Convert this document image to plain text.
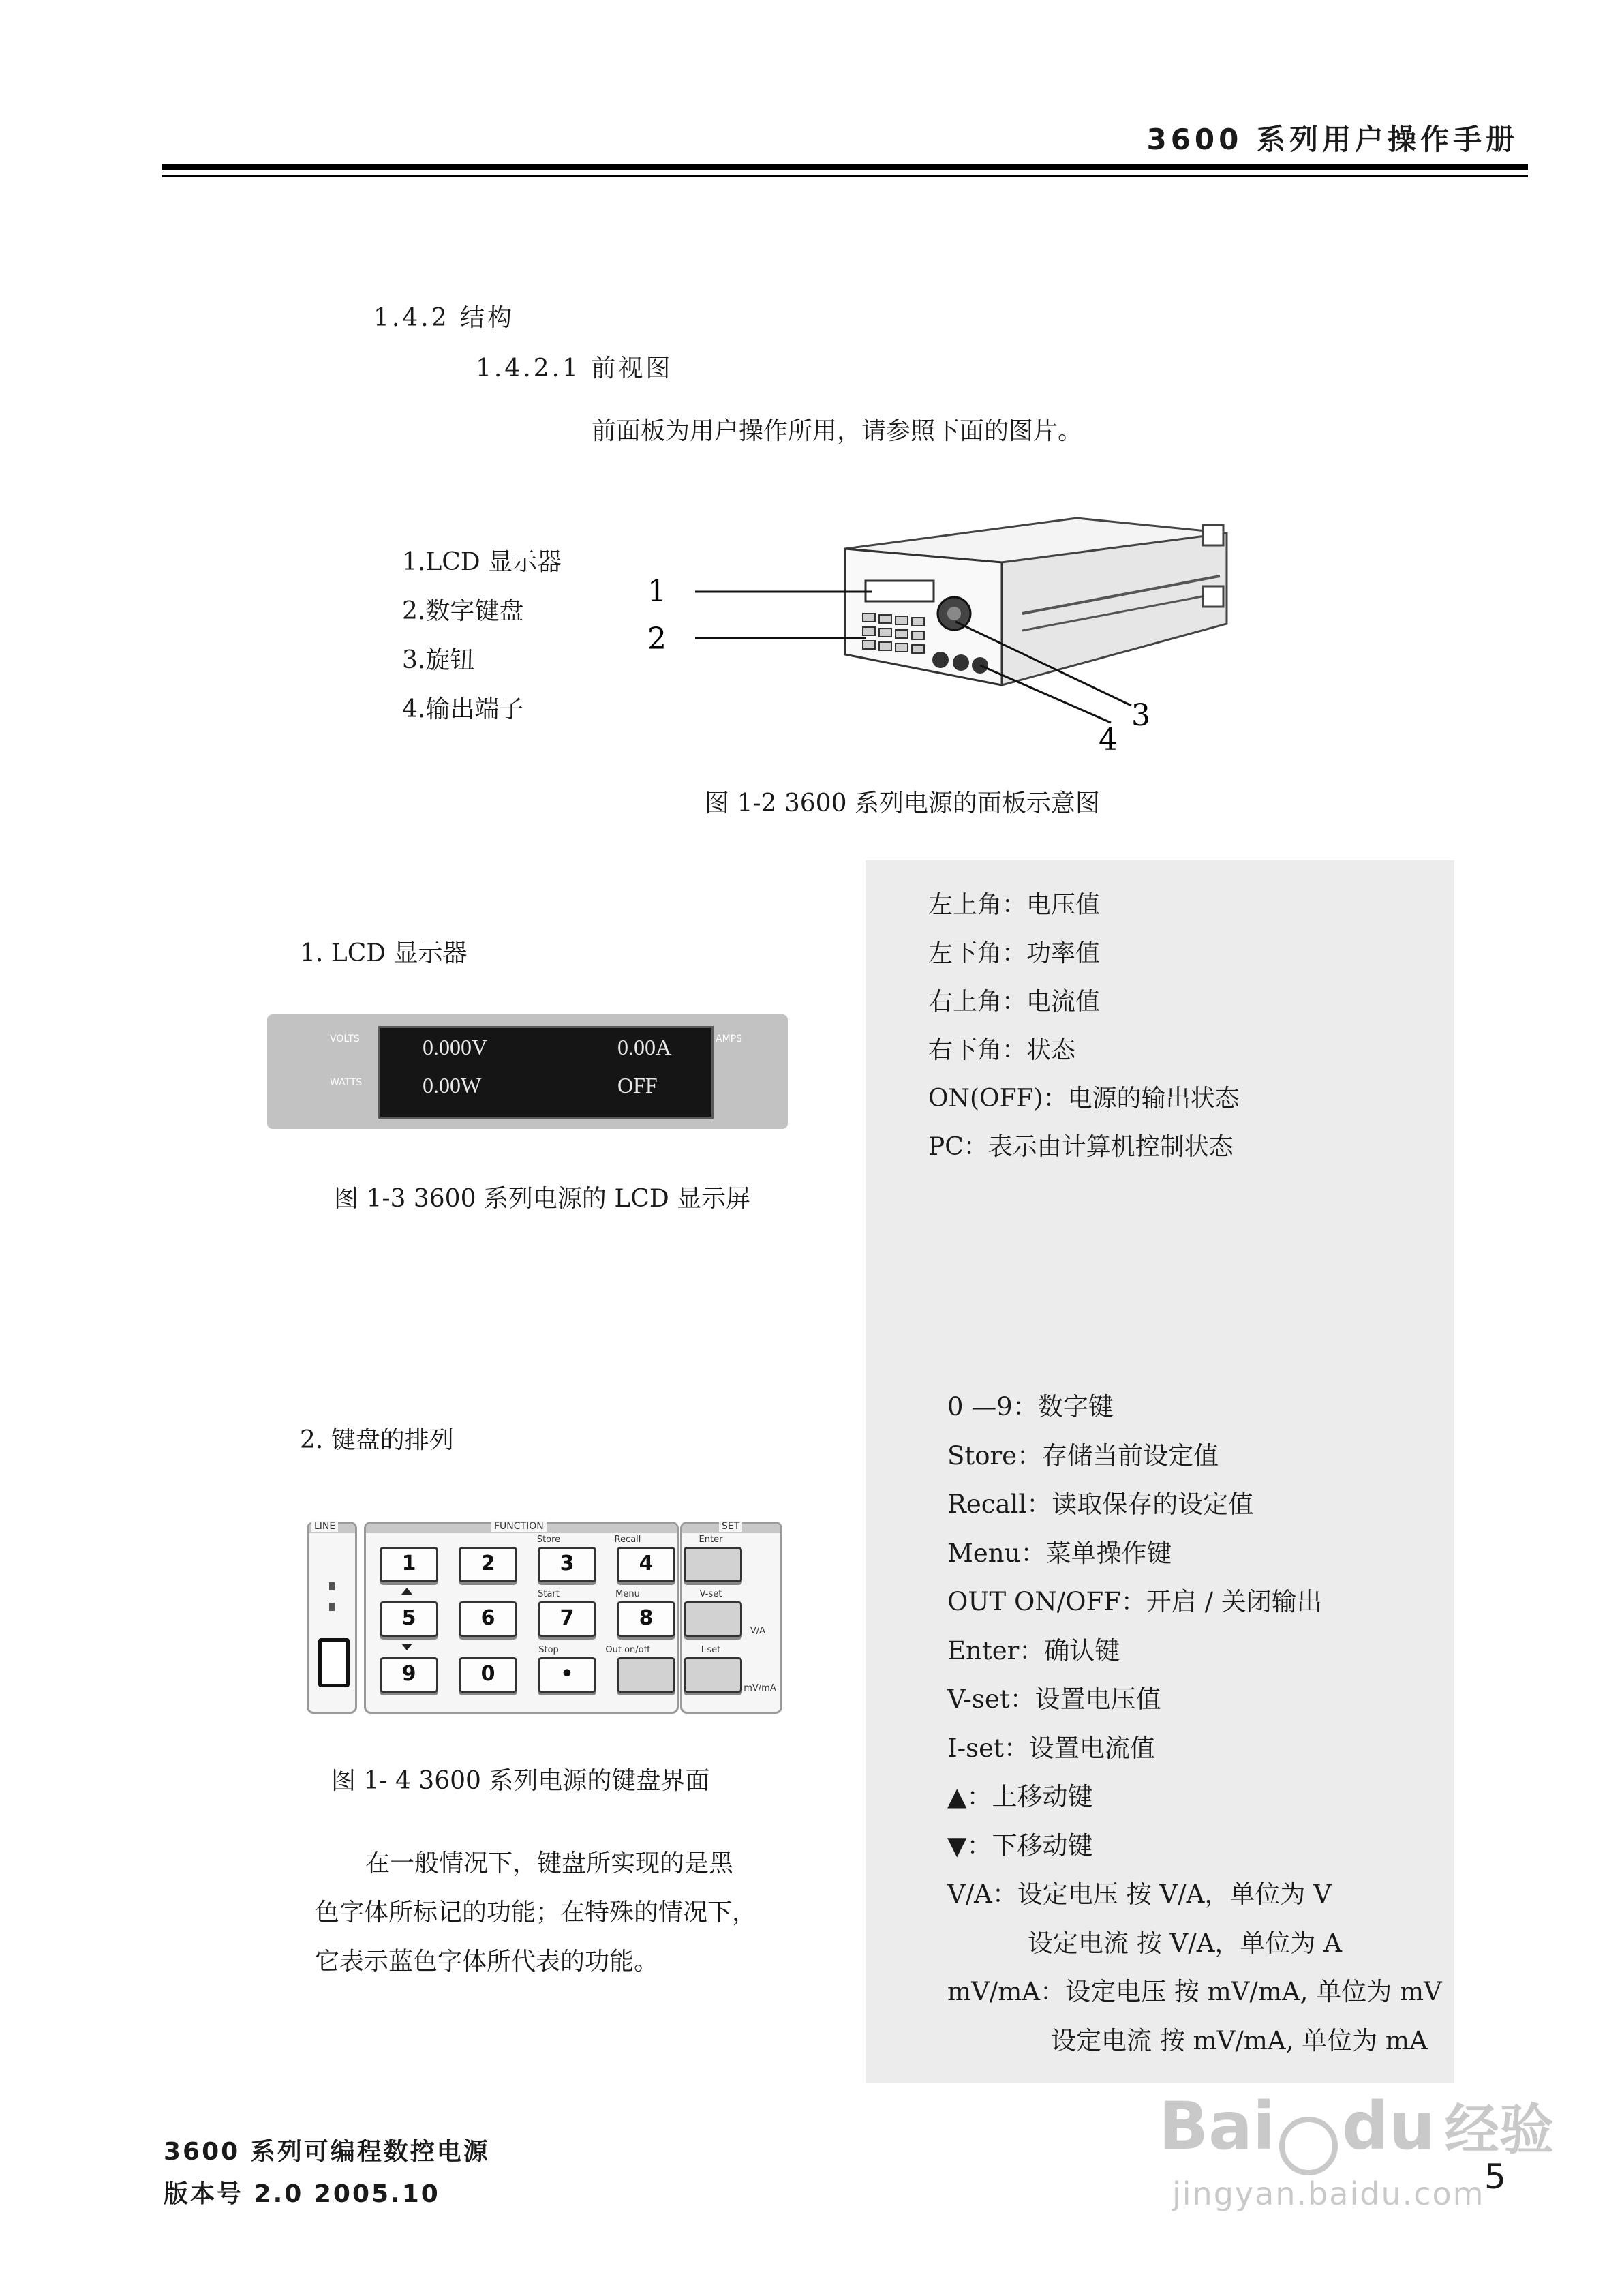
3600 系列用户操作手册
1.4.2 结构
1.4.2.1 前视图
前面板为用户操作所用，请参照下面的图片。
1.LCD 显示器
2.数字键盘
3.旋钮
4.输出端子
1
2
3
4
图 1-2 3600 系列电源的面板示意图
1. LCD 显示器
VOLTS
WATTS
AMPS
0.000V	0.00A
0.00W	OFF
图 1-3 3600 系列电源的 LCD 显示屏
左上角：电压值
左下角：功率值
右上角：电流值
右下角：状态
ON(OFF)：电源的输出状态
PC：表示由计算机控制状态
2. 键盘的排列
LINE	FUNCTION
Store	Recall
1	2	3	4
Start	Menu
5	6	7	8
Stop	Out on/off
9	0	•
SET
Enter
V-set
V/A
I-set
mV/mA
图 1- 4 3600 系列电源的键盘界面
在一般情况下，键盘所实现的是黑
色字体所标记的功能；在特殊的情况下，
它表示蓝色字体所代表的功能。
0 —9：数字键
Store：存储当前设定值
Recall：读取保存的设定值
Menu：菜单操作键
OUT ON/OFF：开启 / 关闭输出
Enter：确认键
V-set：设置电压值
I-set：设置电流值
▲：上移动键
▼：下移动键
V/A：设定电压 按 V/A，单位为 V
设定电流 按 V/A，单位为 A
mV/mA：设定电压 按 mV/mA, 单位为 mV
设定电流 按 mV/mA, 单位为 mA
Bai du 经验
jingyan.baidu.com
3600 系列可编程数控电源
版本号 2.0 2005.10	5
